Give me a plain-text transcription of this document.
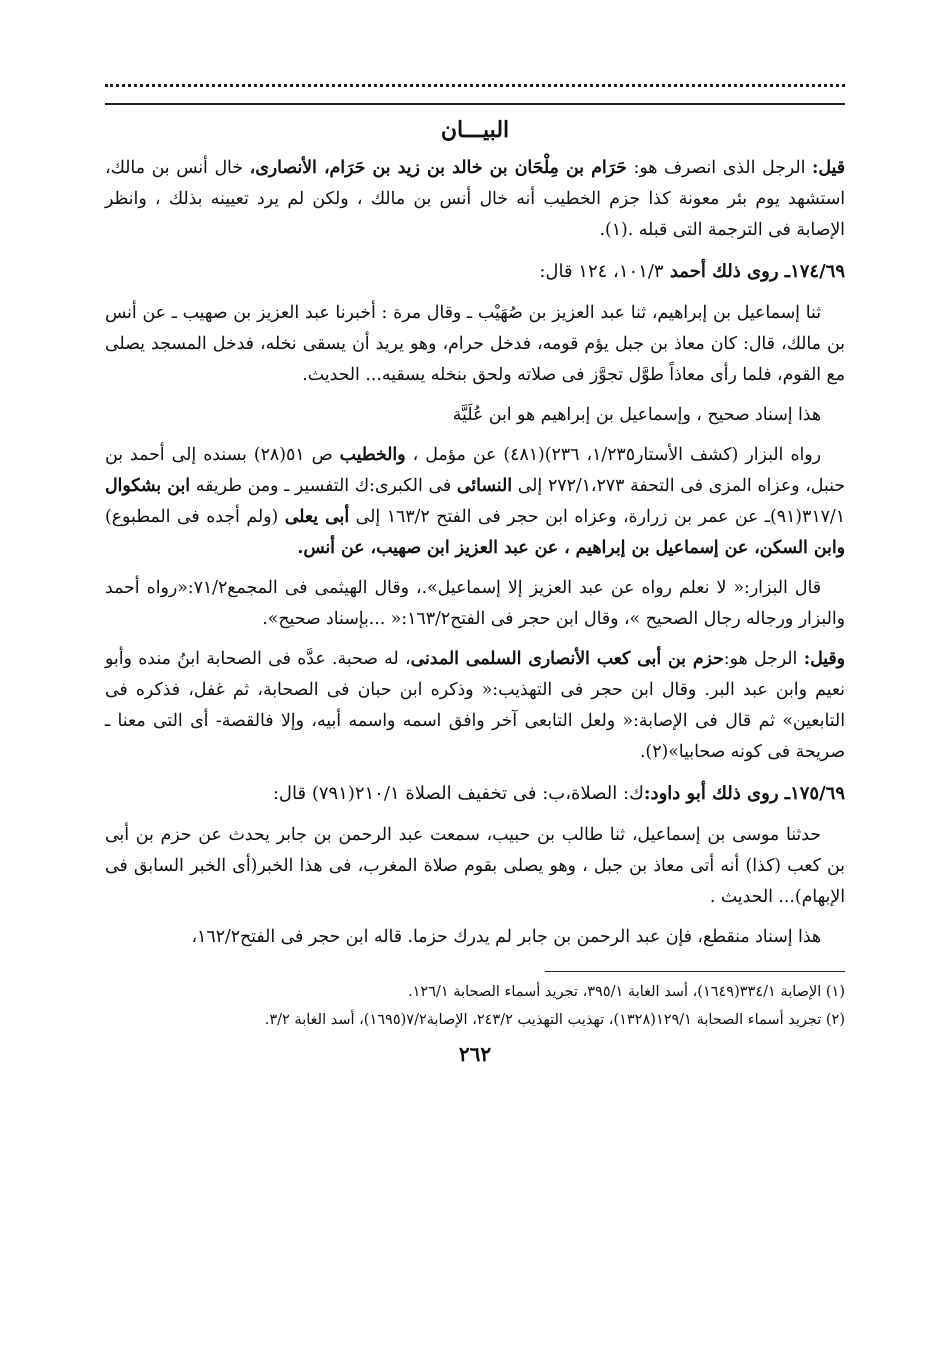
البيـــان

قيل: الرجل الذى انصرف هو: حَرَام بن مِلْحَان بن خالد بن زيد بن حَرَام، الأنصارى، خال أنس بن مالك، استشهد يوم بئر معونة كذا جزم الخطيب أنه خال أنس بن مالك ، ولكن لم يرد تعيينه بذلك ، وانظر الإصابة فى الترجمة التى قبله .(١).

١٧٤/٦٩ـ روى ذلك أحمد ١٠١/٣، ١٢٤ قال:

ثنا إسماعيل بن إبراهيم، ثنا عبد العزيز بن صُهَيْب ـ وقال مرة : أخبرنا عبد العزيز بن صهيب ـ عن أنس بن مالك، قال: كان معاذ بن جبل يؤم قومه، فدخل حرام، وهو يريد أن يسقى نخله، فدخل المسجد يصلى مع القوم، فلما رأى معاذاً طوَّل تجوَّز فى صلاته ولحق بنخله يسقيه... الحديث.

هذا إسناد صحيح ، وإسماعيل بن إبراهيم هو ابن عُلَيَّة

رواه البزار (كشف الأستار١/٢٣٥، ٢٣٦)(٤٨١) عن مؤمل ، والخطيب ص ٥١(٢٨) بسنده إلى أحمد بن حنبل، وعزاه المزى فى التحفة ٢٧٢/١،٢٧٣ إلى النسائى فى الكبرى:ك التفسير ـ ومن طريقه ابن بشكوال ٣١٧/١(٩١)ـ عن عمر بن زرارة، وعزاه ابن حجر فى الفتح ١٦٣/٢ إلى أبى يعلى (ولم أجده فى المطبوع) وابن السكن، عن إسماعيل بن إبراهيم ، عن عبد العزيز ابن صهيب، عن أنس.

قال البزار:« لا نعلم رواه عن عبد العزيز إلا إسماعيل».، وقال الهيثمى فى المجمع٧١/٢:«رواه أحمد والبزار ورجاله رجال الصحيح »، وقال ابن حجر فى الفتح١٦٣/٢:« ...بإسناد صحيح».

وقيل: الرجل هو:حزم بن أبى كعب الأنصارى السلمى المدنى، له صحبة. عدَّه فى الصحابة ابنُ منده وأبو نعيم وابن عبد البر. وقال ابن حجر فى التهذيب:« وذكره ابن حبان فى الصحابة، ثم غفل، فذكره فى التابعين» ثم قال فى الإصابة:« ولعل التابعى آخر وافق اسمه واسمه أبيه، وإلا فالقصة- أى التى معنا ـ صريحة فى كونه صحابيا»(٢).

١٧٥/٦٩ـ روى ذلك أبو داود:ك: الصلاة،ب: فى تخفيف الصلاة ٢١٠/١(٧٩١) قال:

حدثنا موسى بن إسماعيل، ثنا طالب بن حبيب، سمعت عبد الرحمن بن جابر يحدث عن حزم بن أبى بن كعب (كذا) أنه أتى معاذ بن جبل ، وهو يصلى بقوم صلاة المغرب، فى هذا الخبر(أى الخبر السابق فى الإبهام)... الحديث .

هذا إسناد منقطع، فإن عبد الرحمن بن جابر لم يدرك حزما. قاله ابن حجر فى الفتح١٦٢/٢،

(١) الإصابة ٣٣٤/١(١٦٤٩)، أسد الغابة ٣٩٥/١، تجريد أسماء الصحابة ١٢٦/١.

(٢) تجريد أسماء الصحابة ١٢٩/١(١٣٢٨)، تهذيب التهذيب ٢٤٣/٢، الإصابة٧/٢(١٦٩٥)، أسد الغابة ٣/٢.

٢٦٢
